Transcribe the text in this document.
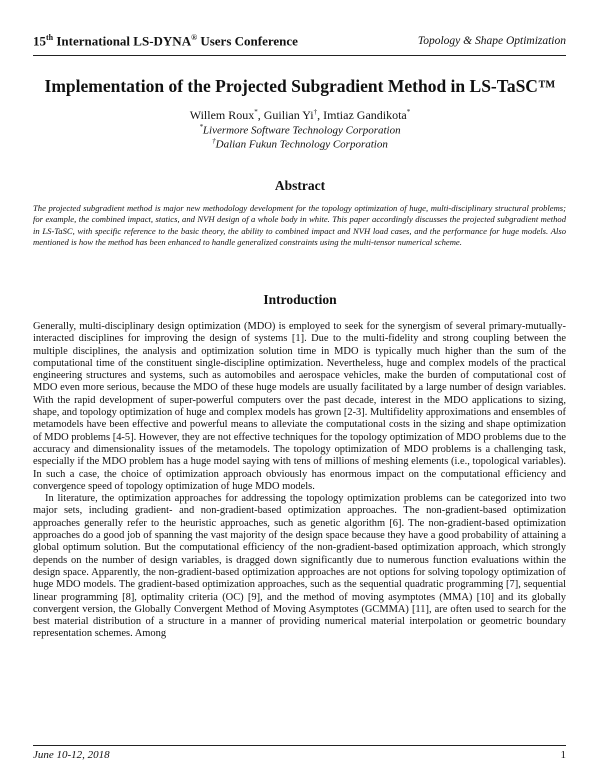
15th International LS-DYNA® Users Conference	Topology & Shape Optimization
Implementation of the Projected Subgradient Method in LS-TaSC™
Willem Roux*, Guilian Yi†, Imtiaz Gandikota*
*Livermore Software Technology Corporation
†Dalian Fukun Technology Corporation
Abstract
The projected subgradient method is major new methodology development for the topology optimization of huge, multi-disciplinary structural problems; for example, the combined impact, statics, and NVH design of a whole body in white. This paper accordingly discusses the projected subgradient method in LS-TaSC, with specific reference to the basic theory, the ability to combined impact and NVH load cases, and the performance for huge models. Also mentioned is how the method has been enhanced to handle generalized constraints using the multi-tensor numerical scheme.
Introduction

Generally, multi-disciplinary design optimization (MDO) is employed to seek for the synergism of several primary-mutually-interacted disciplines for improving the design of systems [1]. Due to the multi-fidelity and strong coupling between the multiple disciplines, the analysis and optimization solution time in MDO is typically much higher than the sum of the computational time of the constituent single-discipline optimization. Nevertheless, huge and complex models of the practical engineering structures and systems, such as automobiles and aerospace vehicles, make the burden of computational cost of MDO even more serious, because the MDO of these huge models are usually facilitated by a large number of design variables. With the rapid development of super-powerful computers over the past decade, interest in the MDO applications to sizing, shape, and topology optimization of huge and complex models has grown [2-3]. Multifidelity approximations and ensembles of metamodels have been effective and powerful means to alleviate the computational costs in the sizing and shape optimization of MDO problems [4-5]. However, they are not effective techniques for the topology optimization of MDO problems due to the accuracy and dimensionality issues of the metamodels. The topology optimization of MDO problems is a challenging task, especially if the MDO problem has a huge model saying with tens of millions of meshing elements (i.e., topological variables). In such a case, the choice of optimization approach obviously has enormous impact on the computational efficiency and convergence speed of topology optimization of huge MDO models.

In literature, the optimization approaches for addressing the topology optimization problems can be categorized into two major sets, including gradient- and non-gradient-based optimization approaches. The non-gradient-based optimization approaches generally refer to the heuristic approaches, such as genetic algorithm [6]. The non-gradient-based optimization approaches do a good job of spanning the vast majority of the design space because they have a good probability of attaining a global optimum solution. But the computational efficiency of the non-gradient-based optimization approach, which strongly depends on the number of design variables, is dragged down significantly due to numerous function evaluations within the design space. Apparently, the non-gradient-based optimization approaches are not options for solving topology optimization of huge MDO models. The gradient-based optimization approaches, such as the sequential quadratic programming [7], sequential linear programming [8], optimality criteria (OC) [9], and the method of moving asymptotes (MMA) [10] and its globally convergent version, the Globally Convergent Method of Moving Asymptotes (GCMMA) [11], are often used to search for the best material distribution of a structure in a manner of providing numerical material interpolation or geometric boundary representation schemes. Among

June 10-12, 2018	1
